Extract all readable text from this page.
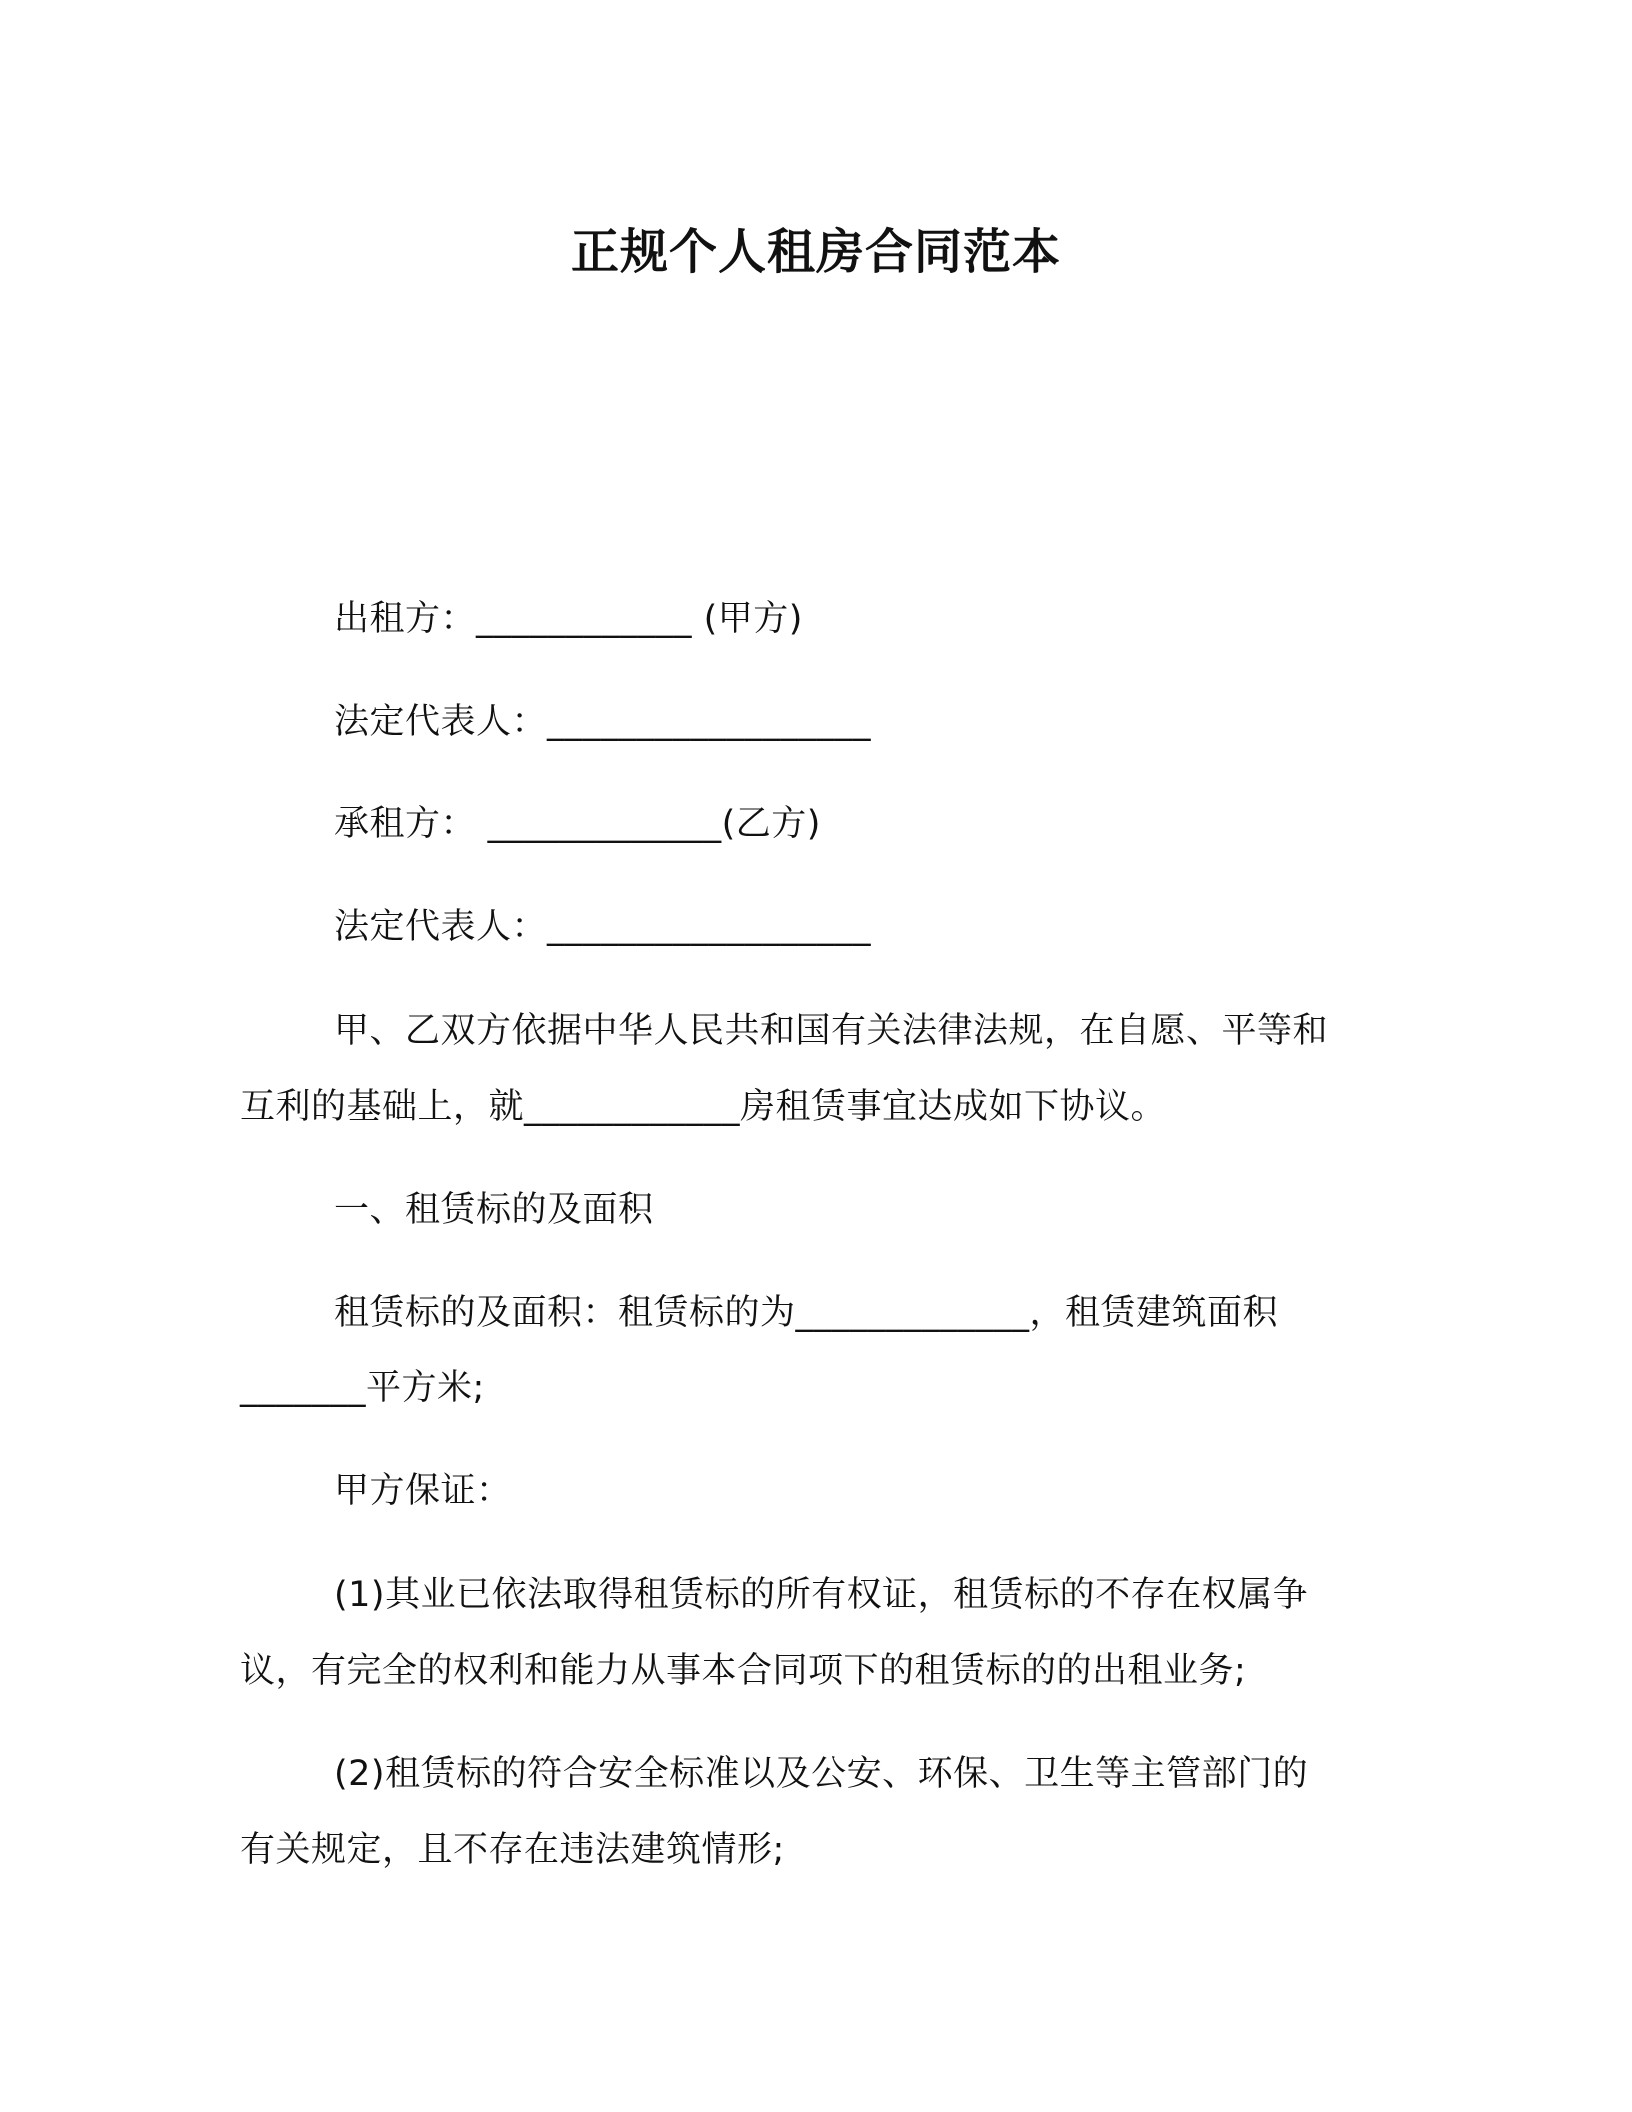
正规个人租房合同范本
出租方：____________ (甲方)
法定代表人：__________________
承租方： _____________(乙方)
法定代表人：__________________
甲、乙双方依据中华人民共和国有关法律法规，在自愿、平等和
互利的基础上，就____________房租赁事宜达成如下协议。
一、租赁标的及面积
租赁标的及面积：租赁标的为_____________，租赁建筑面积
_______平方米;
甲方保证：
(1)其业已依法取得租赁标的所有权证，租赁标的不存在权属争
议，有完全的权利和能力从事本合同项下的租赁标的的出租业务;
(2)租赁标的符合安全标准以及公安、环保、卫生等主管部门的
有关规定，且不存在违法建筑情形;
